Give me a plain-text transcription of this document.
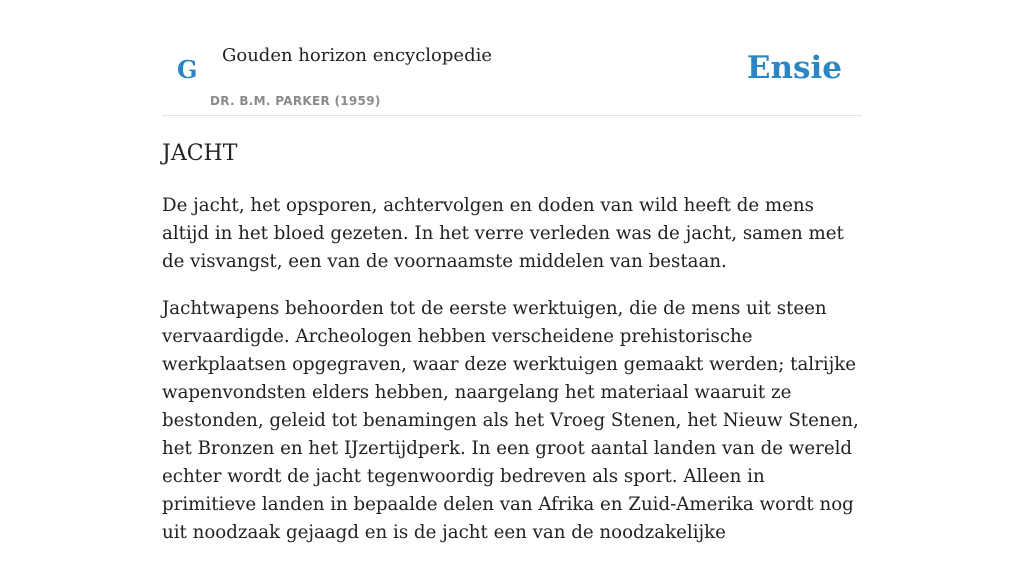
G Gouden horizon encyclopedie
DR. B.M. PARKER (1959)
Ensie
JACHT

De jacht, het opsporen, achtervolgen en doden van wild heeft de mens altijd in het bloed gezeten. In het verre verleden was de jacht, samen met de visvangst, een van de voornaamste middelen van bestaan.

Jachtwapens behoorden tot de eerste werktuigen, die de mens uit steen vervaardigde. Archeologen hebben verscheidene prehistorische werkplaatsen opgegraven, waar deze werktuigen gemaakt werden; talrijke wapenvondsten elders hebben, naargelang het materiaal waaruit ze bestonden, geleid tot benamingen als het Vroeg Stenen, het Nieuw Stenen, het Bronzen en het IJzertijdperk. In een groot aantal landen van de wereld echter wordt de jacht tegenwoordig bedreven als sport. Alleen in primitieve landen in bepaalde delen van Afrika en Zuid-Amerika wordt nog uit noodzaak gejaagd en is de jacht een van de noodzakelijke
